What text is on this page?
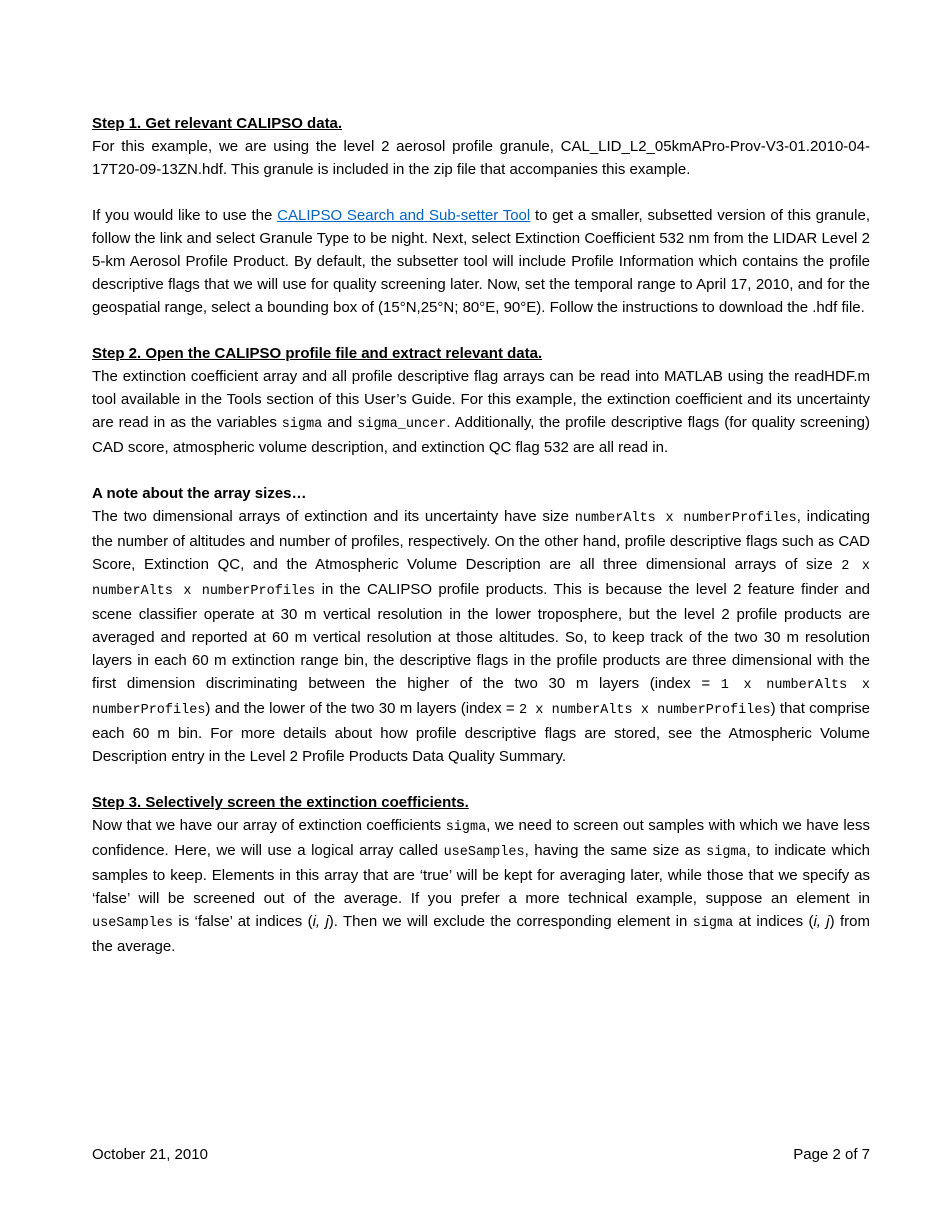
Step 1. Get relevant CALIPSO data.

For this example, we are using the level 2 aerosol profile granule, CAL_LID_L2_05kmAPro-Prov-V3-01.2010-04-17T20-09-13ZN.hdf. This granule is included in the zip file that accompanies this example.

If you would like to use the CALIPSO Search and Sub-setter Tool to get a smaller, subsetted version of this granule, follow the link and select Granule Type to be night. Next, select Extinction Coefficient 532 nm from the LIDAR Level 2 5-km Aerosol Profile Product. By default, the subsetter tool will include Profile Information which contains the profile descriptive flags that we will use for quality screening later. Now, set the temporal range to April 17, 2010, and for the geospatial range, select a bounding box of (15°N,25°N; 80°E, 90°E). Follow the instructions to download the .hdf file.

Step 2. Open the CALIPSO profile file and extract relevant data.

The extinction coefficient array and all profile descriptive flag arrays can be read into MATLAB using the readHDF.m tool available in the Tools section of this User’s Guide. For this example, the extinction coefficient and its uncertainty are read in as the variables sigma and sigma_uncer. Additionally, the profile descriptive flags (for quality screening) CAD score, atmospheric volume description, and extinction QC flag 532 are all read in.

A note about the array sizes…

The two dimensional arrays of extinction and its uncertainty have size numberAlts x numberProfiles, indicating the number of altitudes and number of profiles, respectively. On the other hand, profile descriptive flags such as CAD Score, Extinction QC, and the Atmospheric Volume Description are all three dimensional arrays of size 2 x numberAlts x numberProfiles in the CALIPSO profile products. This is because the level 2 feature finder and scene classifier operate at 30 m vertical resolution in the lower troposphere, but the level 2 profile products are averaged and reported at 60 m vertical resolution at those altitudes. So, to keep track of the two 30 m resolution layers in each 60 m extinction range bin, the descriptive flags in the profile products are three dimensional with the first dimension discriminating between the higher of the two 30 m layers (index = 1 x numberAlts x numberProfiles) and the lower of the two 30 m layers (index = 2 x numberAlts x numberProfiles) that comprise each 60 m bin. For more details about how profile descriptive flags are stored, see the Atmospheric Volume Description entry in the Level 2 Profile Products Data Quality Summary.

Step 3. Selectively screen the extinction coefficients.

Now that we have our array of extinction coefficients sigma, we need to screen out samples with which we have less confidence. Here, we will use a logical array called useSamples, having the same size as sigma, to indicate which samples to keep. Elements in this array that are ‘true’ will be kept for averaging later, while those that we specify as ‘false’ will be screened out of the average. If you prefer a more technical example, suppose an element in useSamples is ‘false’ at indices (i, j). Then we will exclude the corresponding element in sigma at indices (i, j) from the average.

October 21, 2010	Page 2 of 7
